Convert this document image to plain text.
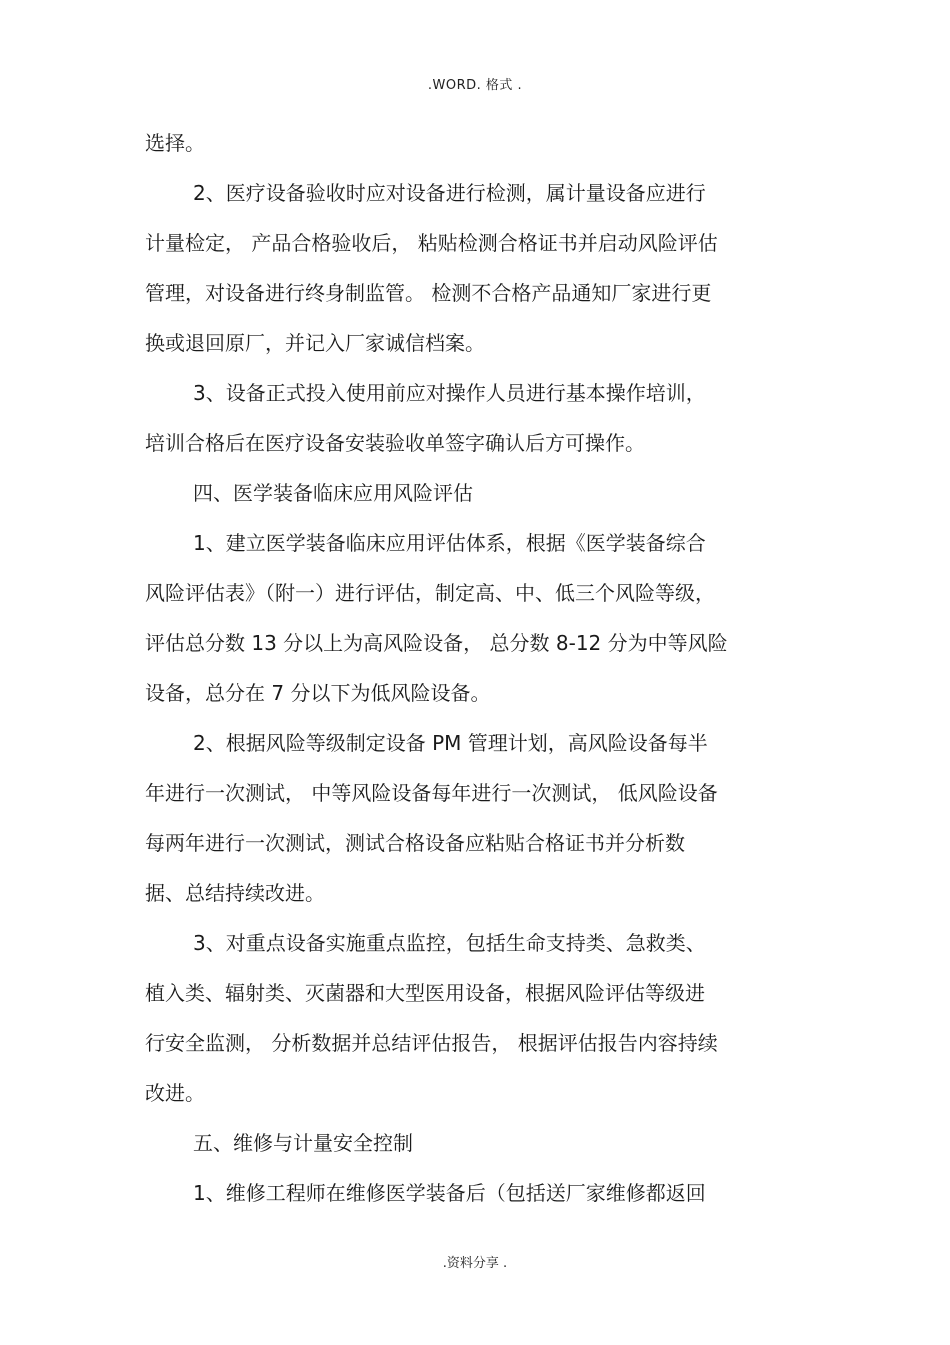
.WORD. 格式 .
选择。
2、医疗设备验收时应对设备进行检测，属计量设备应进行
计量检定， 产品合格验收后， 粘贴检测合格证书并启动风险评估
管理，对设备进行终身制监管。 检测不合格产品通知厂家进行更
换或退回原厂，并记入厂家诚信档案。
3、设备正式投入使用前应对操作人员进行基本操作培训，
培训合格后在医疗设备安装验收单签字确认后方可操作。
四、医学装备临床应用风险评估
1、建立医学装备临床应用评估体系，根据《医学装备综合
风险评估表》（附一）进行评估，制定高、中、低三个风险等级，
评估总分数 13 分以上为高风险设备， 总分数 8-12 分为中等风险
设备，总分在 7 分以下为低风险设备。
2、根据风险等级制定设备 PM 管理计划，高风险设备每半
年进行一次测试， 中等风险设备每年进行一次测试， 低风险设备
每两年进行一次测试，测试合格设备应粘贴合格证书并分析数
据、总结持续改进。
3、对重点设备实施重点监控，包括生命支持类、急救类、
植入类、辐射类、灭菌器和大型医用设备，根据风险评估等级进
行安全监测， 分析数据并总结评估报告， 根据评估报告内容持续
改进。
五、维修与计量安全控制
1、维修工程师在维修医学装备后（包括送厂家维修都返回
.资料分享 .
